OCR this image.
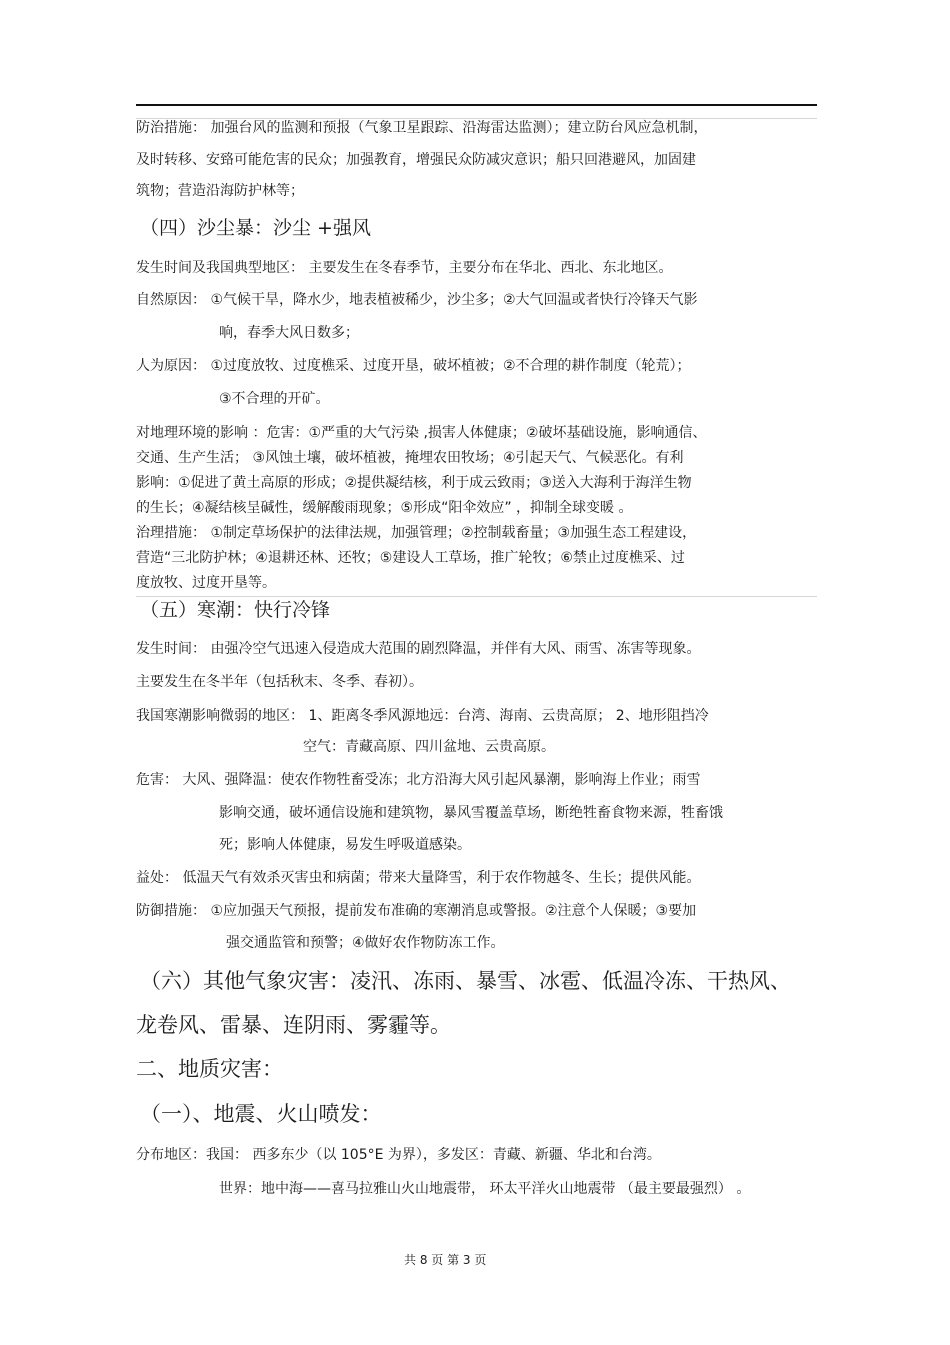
防治措施： 加强台风的监测和预报（气象卫星跟踪、沿海雷达监测）；建立防台风应急机制，
及时转移、安臵可能危害的民众；加强教育，增强民众防减灾意识；船只回港避风，加固建
筑物；营造沿海防护林等；
（四）沙尘暴：沙尘 +强风
发生时间及我国典型地区： 主要发生在冬春季节，主要分布在华北、西北、东北地区。
自然原因： ①气候干旱，降水少，地表植被稀少，沙尘多；②大气回温或者快行冷锋天气影
响，春季大风日数多；
人为原因： ①过度放牧、过度樵采、过度开垦，破坏植被；②不合理的耕作制度（轮荒）；
③不合理的开矿。
对地理环境的影响 ：危害：①严重的大气污染 ,损害人体健康；②破坏基础设施，影响通信、
交通、生产生活； ③风蚀土壤，破坏植被，掩埋农田牧场；④引起天气、气候恶化。有利
影响：①促进了黄土高原的形成；②提供凝结核，利于成云致雨；③送入大海利于海洋生物
的生长；④凝结核呈碱性，缓解酸雨现象；⑤形成“阳伞效应” ，抑制全球变暖 。
治理措施： ①制定草场保护的法律法规，加强管理；②控制载畜量；③加强生态工程建设，
营造“三北防护林；④退耕还林、还牧；⑤建设人工草场，推广轮牧；⑥禁止过度樵采、过
度放牧、过度开垦等。
（五）寒潮：快行冷锋
发生时间： 由强冷空气迅速入侵造成大范围的剧烈降温，并伴有大风、雨雪、冻害等现象。
主要发生在冬半年（包括秋末、冬季、春初）。
我国寒潮影响微弱的地区： 1、距离冬季风源地远：台湾、海南、云贵高原； 2、地形阻挡冷
空气：青藏高原、四川盆地、云贵高原。
危害： 大风、强降温：使农作物牲畜受冻；北方沿海大风引起风暴潮，影响海上作业；雨雪
影响交通，破坏通信设施和建筑物，暴风雪覆盖草场，断绝牲畜食物来源，牲畜饿
死；影响人体健康，易发生呼吸道感染。
益处： 低温天气有效杀灭害虫和病菌；带来大量降雪，利于农作物越冬、生长；提供风能。
防御措施： ①应加强天气预报，提前发布准确的寒潮消息或警报。②注意个人保暖；③要加
强交通监管和预警；④做好农作物防冻工作。
（六）其他气象灾害：凌汛、冻雨、暴雪、冰雹、低温冷冻、干热风、
龙卷风、雷暴、连阴雨、雾霾等。
二、地质灾害：
（一）、地震、火山喷发：
分布地区：我国： 西多东少（以 105°E 为界），多发区：青藏、新疆、华北和台湾。
世界：地中海——喜马拉雅山火山地震带， 环太平洋火山地震带 （最主要最强烈） 。
共 8 页 第 3 页
